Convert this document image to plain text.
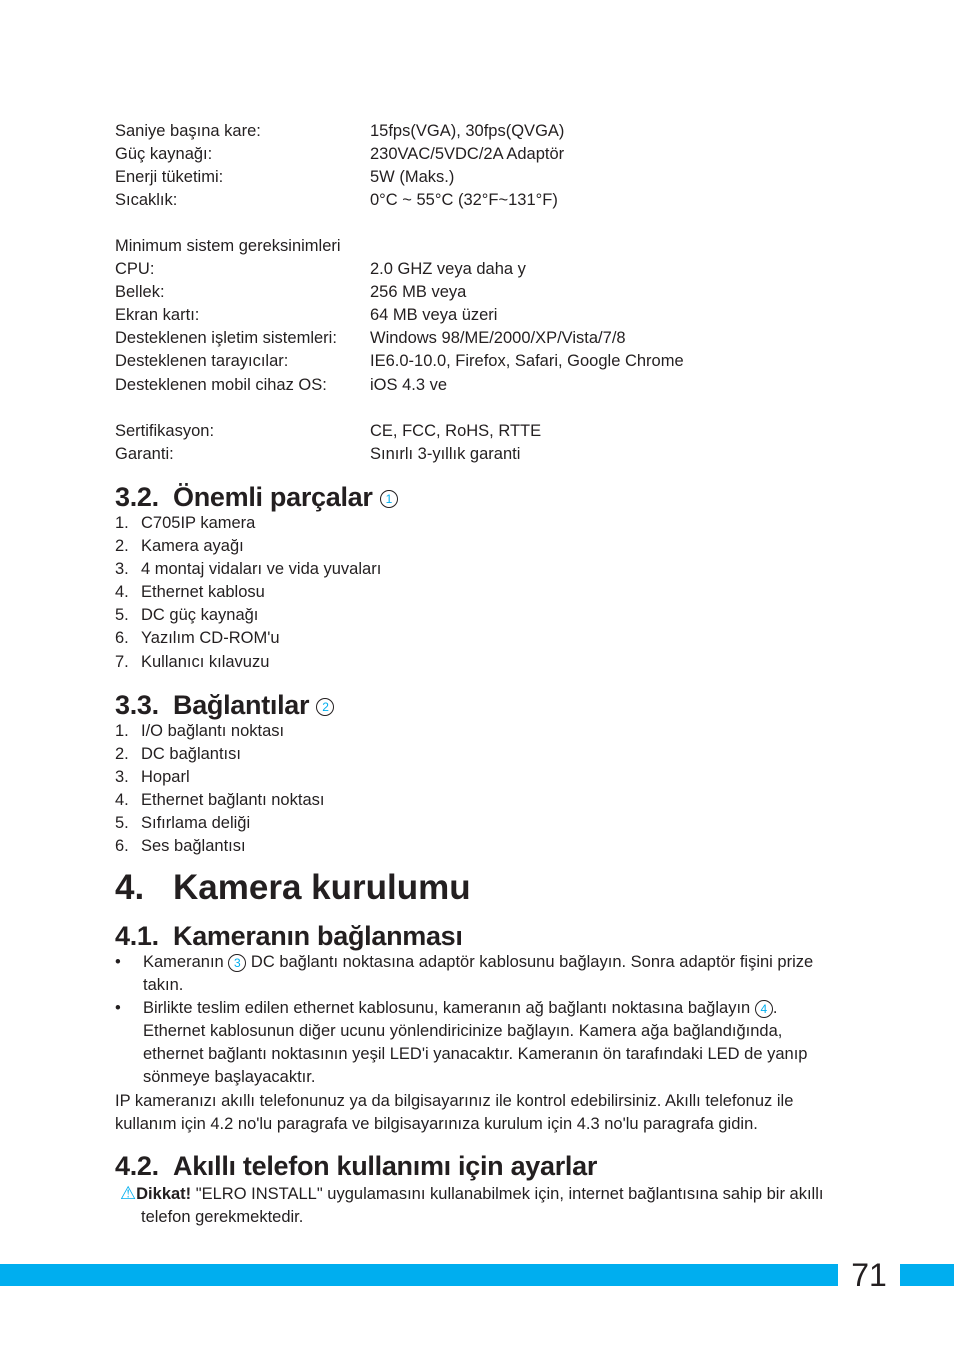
Saniye başına kare:	15fps(VGA), 30fps(QVGA)
Güç kaynağı:	230VAC/5VDC/2A Adaptör
Enerji tüketimi:	5W (Maks.)
Sıcaklık:	0°C ~ 55°C (32°F~131°F)
Minimum sistem gereksinimleri
CPU:	2.0 GHZ veya daha y
Bellek:	256 MB veya
Ekran kartı:	64 MB veya üzeri
Desteklenen işletim sistemleri:	Windows 98/ME/2000/XP/Vista/7/8
Desteklenen tarayıcılar:	IE6.0-10.0, Firefox, Safari, Google Chrome
Desteklenen mobil cihaz OS:	iOS 4.3 ve
Sertifikasyon:	CE, FCC, RoHS, RTTE
Garanti:	Sınırlı 3-yıllık garanti
3.2. Önemli parçalar 1
1. C705IP kamera
2. Kamera ayağı
3. 4 montaj vidaları ve vida yuvaları
4. Ethernet kablosu
5. DC güç kaynağı
6. Yazılım CD-ROM'u
7. Kullanıcı kılavuzu
3.3. Bağlantılar 2
1. I/O bağlantı noktası
2. DC bağlantısı
3. Hoparl
4. Ethernet bağlantı noktası
5. Sıfırlama deliği
6. Ses bağlantısı
4. Kamera kurulumu
4.1. Kameranın bağlanması
• Kameranın 3 DC bağlantı noktasına adaptör kablosunu bağlayın. Sonra adaptör fişini prize takın.
• Birlikte teslim edilen ethernet kablosunu, kameranın ağ bağlantı noktasına bağlayın 4 . Ethernet kablosunun diğer ucunu yönlendiricinize bağlayın. Kamera ağa bağlandığında, ethernet bağlantı noktasının yeşil LED'i yanacaktır. Kameranın ön tarafındaki LED de yanıp sönmeye başlayacaktır.
IP kameranızı akıllı telefonunuz ya da bilgisayarınız ile kontrol edebilirsiniz. Akıllı telefonuz ile kullanım için 4.2 no'lu paragrafa ve bilgisayarınıza kurulum için 4.3 no'lu paragrafa gidin.
4.2. Akıllı telefon kullanımı için ayarlar
⚠Dikkat! "ELRO INSTALL" uygulamasını kullanabilmek için, internet bağlantısına sahip bir akıllı telefon gerekmektedir.
71
